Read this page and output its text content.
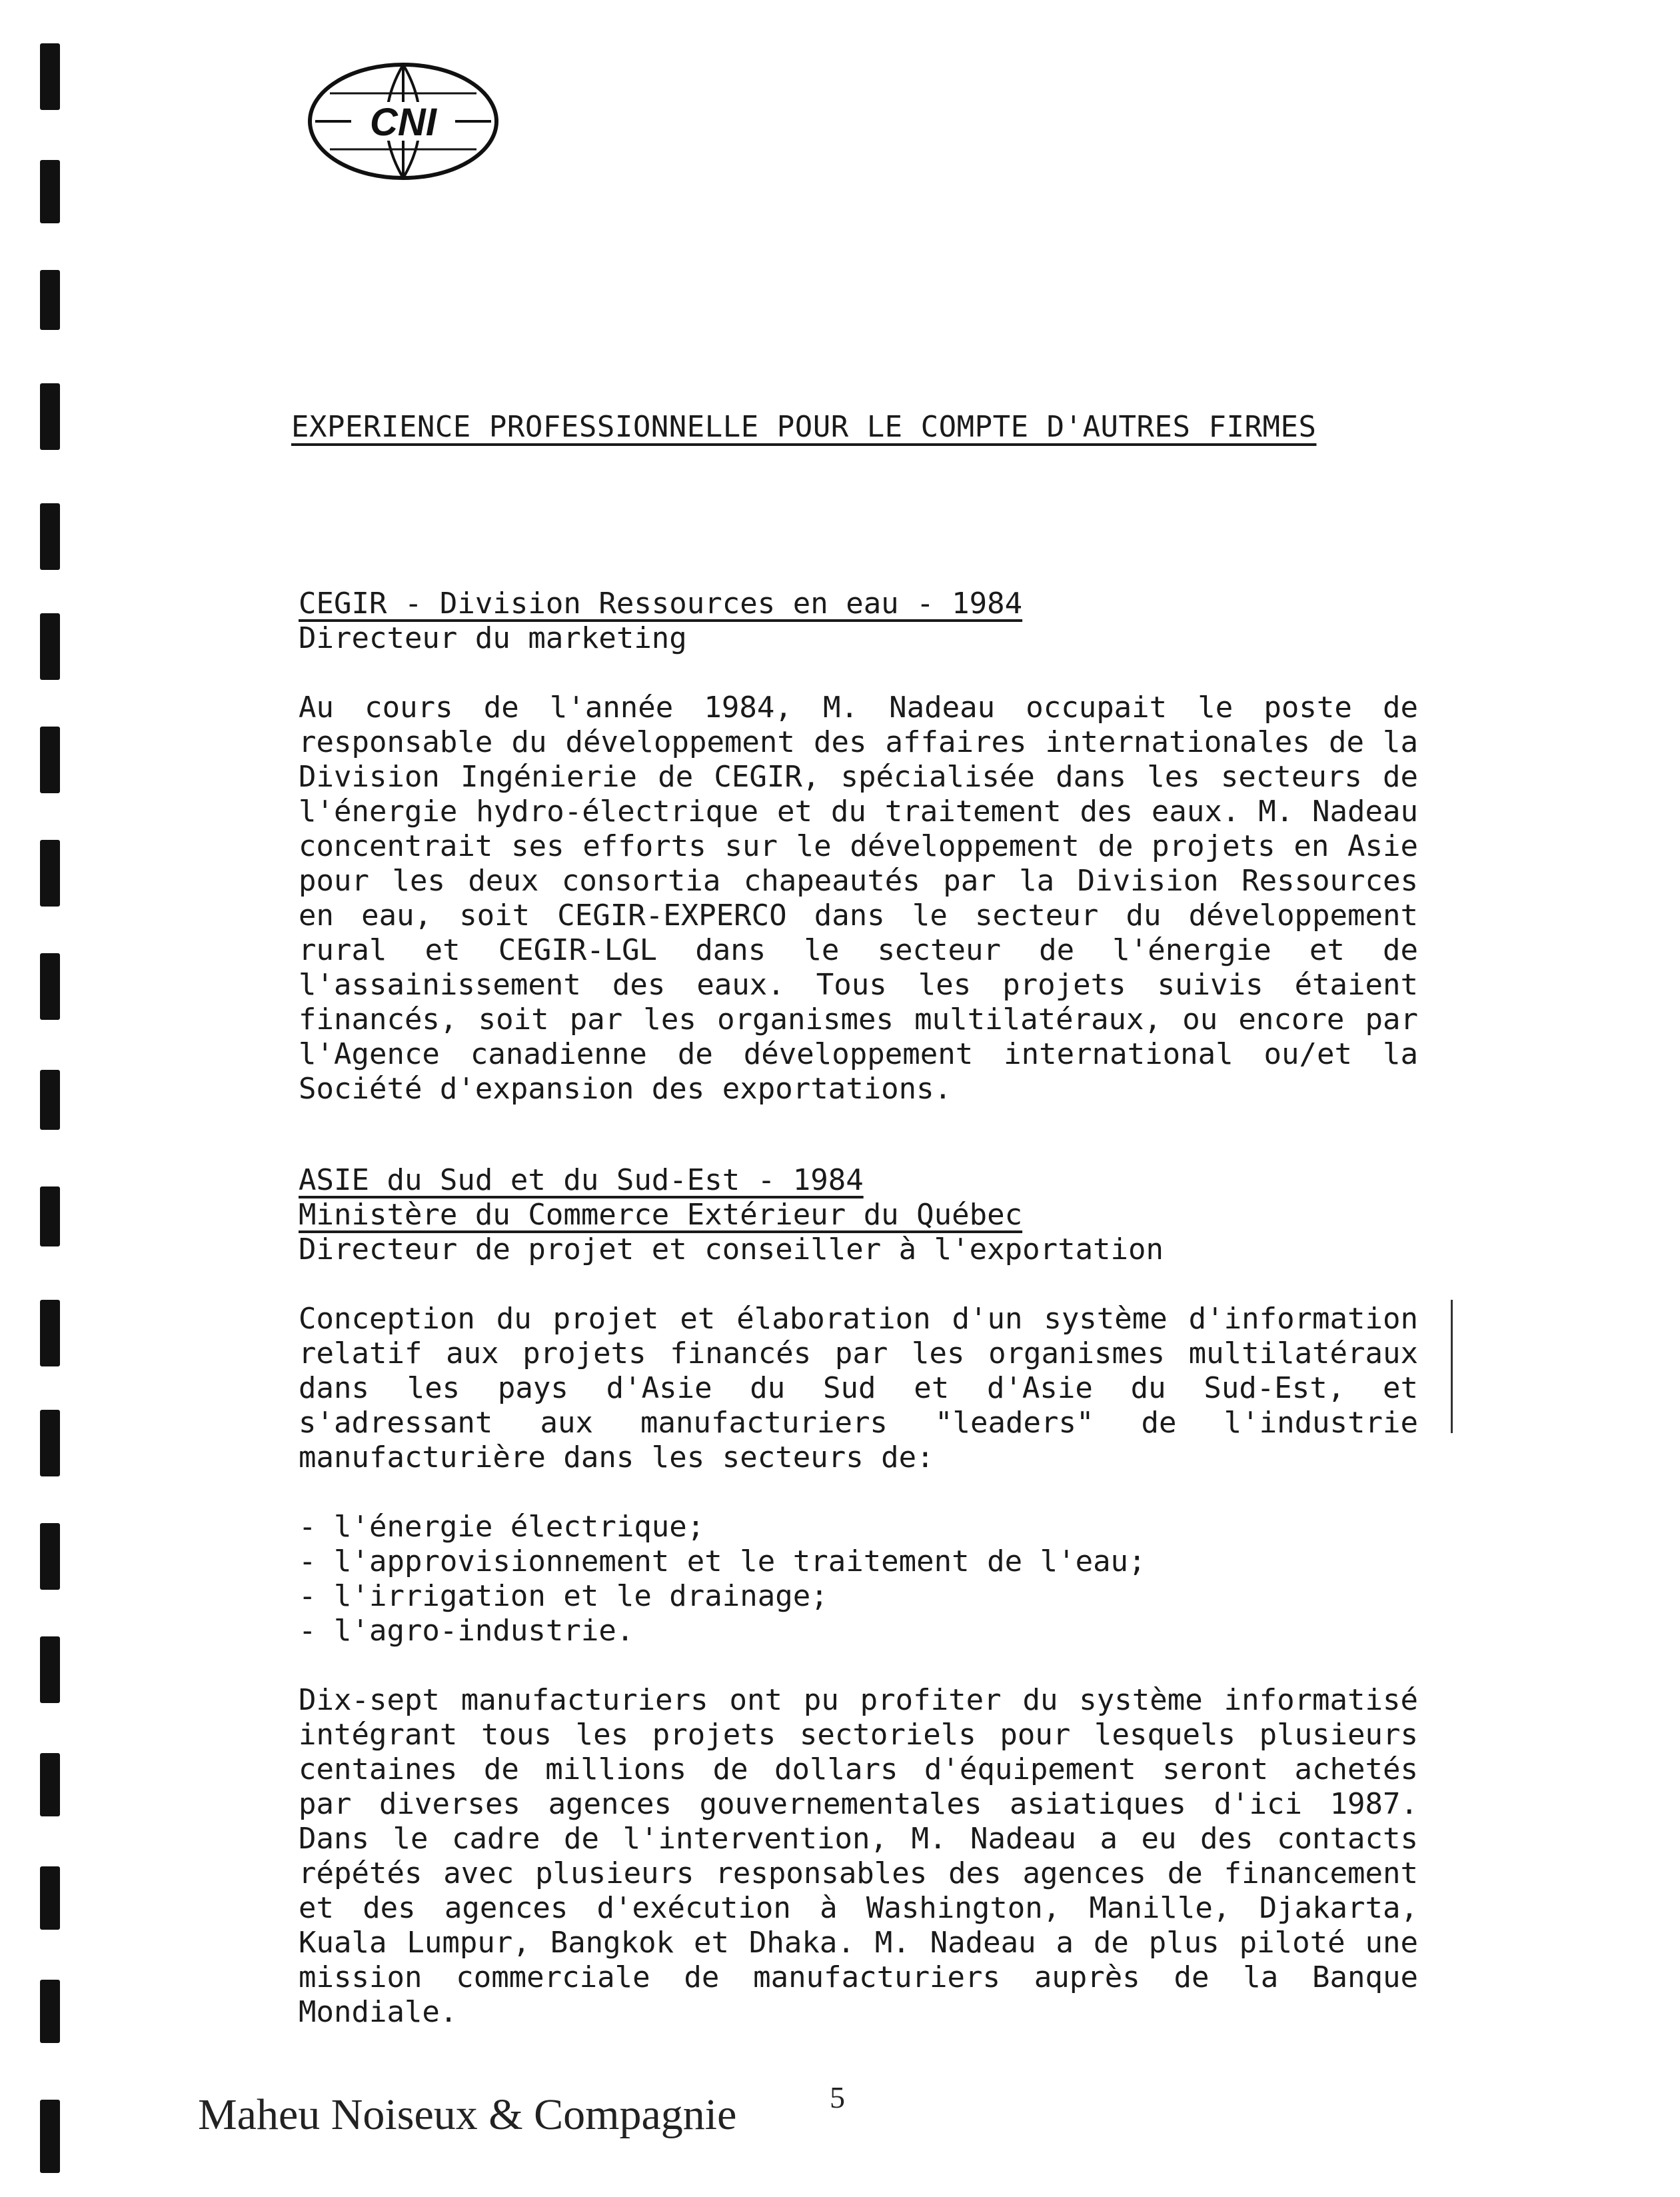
CNI
EXPERIENCE PROFESSIONNELLE POUR LE COMPTE D'AUTRES FIRMES
CEGIR - Division Ressources en eau - 1984
Directeur du marketing

Au cours de l'année 1984, M. Nadeau occupait le poste de responsable du développement des affaires internationales de la Division Ingénierie de CEGIR, spécialisée dans les secteurs de l'énergie hydro-électrique et du traitement des eaux. M. Nadeau concentrait ses efforts sur le développement de projets en Asie pour les deux consortia chapeautés par la Division Ressources en eau, soit CEGIR-EXPERCO dans le secteur du développement rural et CEGIR-LGL dans le secteur de l'énergie et de l'assainissement des eaux. Tous les projets suivis étaient financés, soit par les organismes multilatéraux, ou encore par l'Agence canadienne de développement international ou/et la Société d'expansion des exportations.

ASIE du Sud et du Sud-Est - 1984
Ministère du Commerce Extérieur du Québec
Directeur de projet et conseiller à l'exportation

Conception du projet et élaboration d'un système d'information relatif aux projets financés par les organismes multilatéraux dans les pays d'Asie du Sud et d'Asie du Sud-Est, et s'adressant aux manufacturiers "leaders" de l'industrie manufacturière dans les secteurs de:

- l'énergie électrique;
- l'approvisionnement et le traitement de l'eau;
- l'irrigation et le drainage;
- l'agro-industrie.

Dix-sept manufacturiers ont pu profiter du système informatisé intégrant tous les projets sectoriels pour lesquels plusieurs centaines de millions de dollars d'équipement seront achetés par diverses agences gouvernementales asiatiques d'ici 1987. Dans le cadre de l'intervention, M. Nadeau a eu des contacts répétés avec plusieurs responsables des agences de financement et des agences d'exécution à Washington, Manille, Djakarta, Kuala Lumpur, Bangkok et Dhaka. M. Nadeau a de plus piloté une mission commerciale de manufacturiers auprès de la Banque Mondiale.

Maheu Noiseux & Compagnie	5
